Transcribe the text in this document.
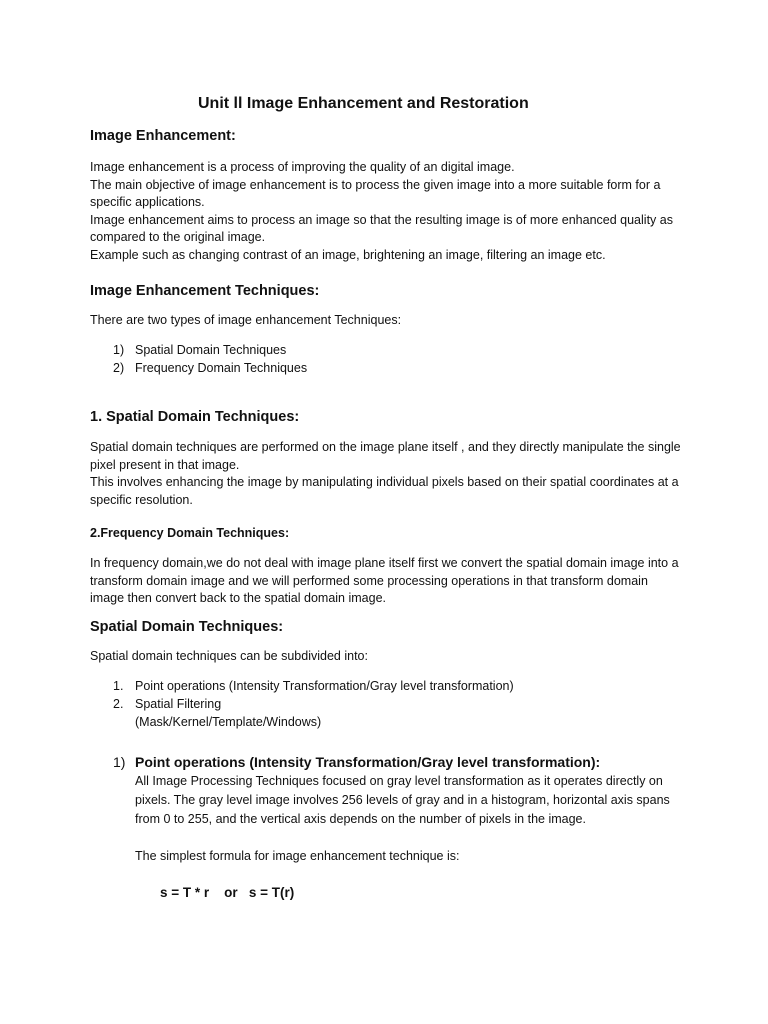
Unit ll Image Enhancement and Restoration
Image Enhancement:
Image enhancement is a process of improving the quality of an digital image.
The main objective of image enhancement is to process the given image into a more suitable form for a specific applications.
Image enhancement aims to process an image so that the resulting image is of more enhanced quality as compared to the original image.
Example such as changing contrast of an image, brightening an image, filtering an image etc.
Image Enhancement Techniques:
There are two types of image enhancement Techniques:
1) Spatial Domain Techniques
2) Frequency Domain Techniques
1. Spatial Domain Techniques:
Spatial domain techniques are performed on the image plane itself , and they directly manipulate the single pixel present in that image.
This involves enhancing the image by manipulating individual pixels based on their spatial coordinates at a specific resolution.
2.Frequency Domain Techniques:
In frequency domain,we do not deal with image plane itself first we convert the spatial domain image into a transform domain image and we will performed some processing operations in that transform domain image then convert back to the spatial domain image.
Spatial Domain Techniques:
Spatial domain techniques can be subdivided into:
1. Point operations (Intensity Transformation/Gray level transformation)
2. Spatial Filtering
(Mask/Kernel/Template/Windows)
1) Point operations (Intensity Transformation/Gray level transformation):
All Image Processing Techniques focused on gray level transformation as it operates directly on pixels. The gray level image involves 256 levels of gray and in a histogram, horizontal axis spans from 0 to 255, and the vertical axis depends on the number of pixels in the image.
The simplest formula for image enhancement technique is:
s = T * r    or   s = T(r)
